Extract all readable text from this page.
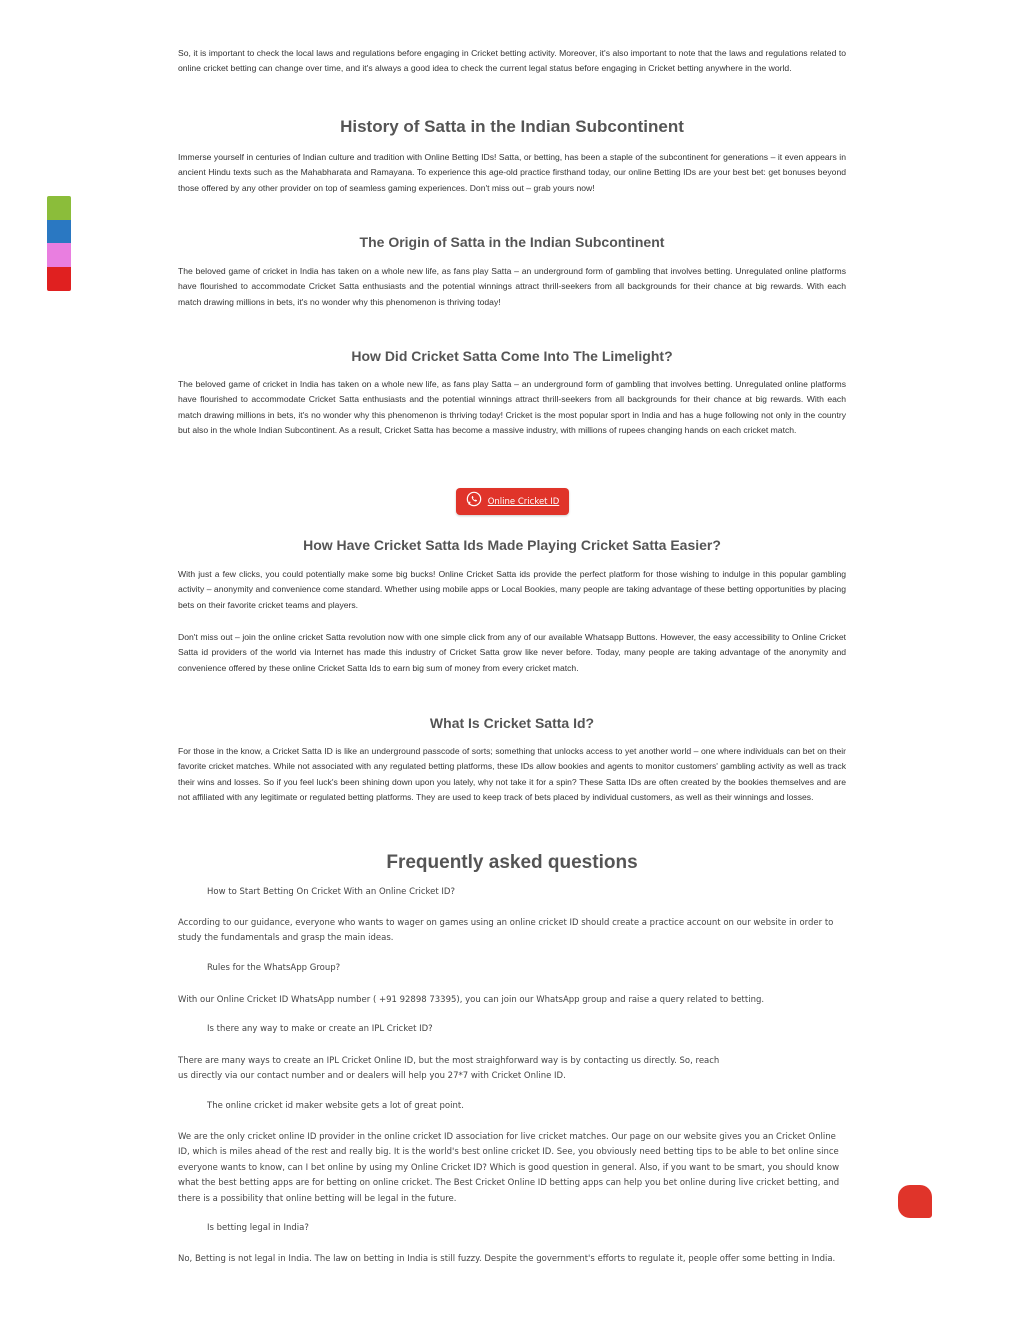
So, it is important to check the local laws and regulations before engaging in Cricket betting activity. Moreover, it's also important to note that the laws and regulations related to online cricket betting can change over time, and it's always a good idea to check the current legal status before engaging in Cricket betting anywhere in the world.

History of Satta in the Indian Subcontinent

Immerse yourself in centuries of Indian culture and tradition with Online Betting IDs! Satta, or betting, has been a staple of the subcontinent for generations – it even appears in ancient Hindu texts such as the Mahabharata and Ramayana. To experience this age-old practice firsthand today, our online Betting IDs are your best bet: get bonuses beyond those offered by any other provider on top of seamless gaming experiences. Don't miss out – grab yours now!

The Origin of Satta in the Indian Subcontinent

The beloved game of cricket in India has taken on a whole new life, as fans play Satta – an underground form of gambling that involves betting. Unregulated online platforms have flourished to accommodate Cricket Satta enthusiasts and the potential winnings attract thrill-seekers from all backgrounds for their chance at big rewards. With each match drawing millions in bets, it's no wonder why this phenomenon is thriving today!

How Did Cricket Satta Come Into The Limelight?

The beloved game of cricket in India has taken on a whole new life, as fans play Satta – an underground form of gambling that involves betting. Unregulated online platforms have flourished to accommodate Cricket Satta enthusiasts and the potential winnings attract thrill-seekers from all backgrounds for their chance at big rewards. With each match drawing millions in bets, it's no wonder why this phenomenon is thriving today! Cricket is the most popular sport in India and has a huge following not only in the country but also in the whole Indian Subcontinent. As a result, Cricket Satta has become a massive industry, with millions of rupees changing hands on each cricket match.

How Have Cricket Satta Ids Made Playing Cricket Satta Easier?

With just a few clicks, you could potentially make some big bucks! Online Cricket Satta ids provide the perfect platform for those wishing to indulge in this popular gambling activity – anonymity and convenience come standard. Whether using mobile apps or Local Bookies, many people are taking advantage of these betting opportunities by placing bets on their favorite cricket teams and players.

Don't miss out – join the online cricket Satta revolution now with one simple click from any of our available Whatsapp Buttons. However, the easy accessibility to Online Cricket Satta id providers of the world via Internet has made this industry of Cricket Satta grow like never before. Today, many people are taking advantage of the anonymity and convenience offered by these online Cricket Satta Ids to earn big sum of money from every cricket match.

What Is Cricket Satta Id?

For those in the know, a Cricket Satta ID is like an underground passcode of sorts; something that unlocks access to yet another world – one where individuals can bet on their favorite cricket matches. While not associated with any regulated betting platforms, these IDs allow bookies and agents to monitor customers' gambling activity as well as track their wins and losses. So if you feel luck's been shining down upon you lately, why not take it for a spin? These Satta IDs are often created by the bookies themselves and are not affiliated with any legitimate or regulated betting platforms. They are used to keep track of bets placed by individual customers, as well as their winnings and losses.

Frequently asked questions

How to Start Betting On Cricket With an Online Cricket ID?

According to our guidance, everyone who wants to wager on games using an online cricket ID should create a practice account on our website in order to study the fundamentals and grasp the main ideas.

Rules for the WhatsApp Group?

With our Online Cricket ID WhatsApp number ( +91 92898 73395), you can join our WhatsApp group and raise a query related to betting.

Is there any way to make or create an IPL Cricket ID?

There are many ways to create an IPL Cricket Online ID, but the most straighforward way is by contacting us directly. So, reach

us directly via our contact number and or dealers will help you 27*7 with Cricket Online ID.

The online cricket id maker website gets a lot of great point.

We are the only cricket online ID provider in the online cricket ID association for live cricket matches. Our page on our website gives you an Cricket Online ID, which is miles ahead of the rest and really big. It is the world's best online cricket ID. See, you obviously need betting tips to be able to bet online since everyone wants to know, can I bet online by using my Online Cricket ID? Which is good question in general. Also, if you want to be smart, you should know what the best betting apps are for betting on online cricket. The Best Cricket Online ID betting apps can help you bet online during live cricket betting, and there is a possibility that online betting will be legal in the future.

Is betting legal in India?

No, Betting is not legal in India. The law on betting in India is still fuzzy. Despite the government's efforts to regulate it, people offer some betting in India.

Online Cricket ID
